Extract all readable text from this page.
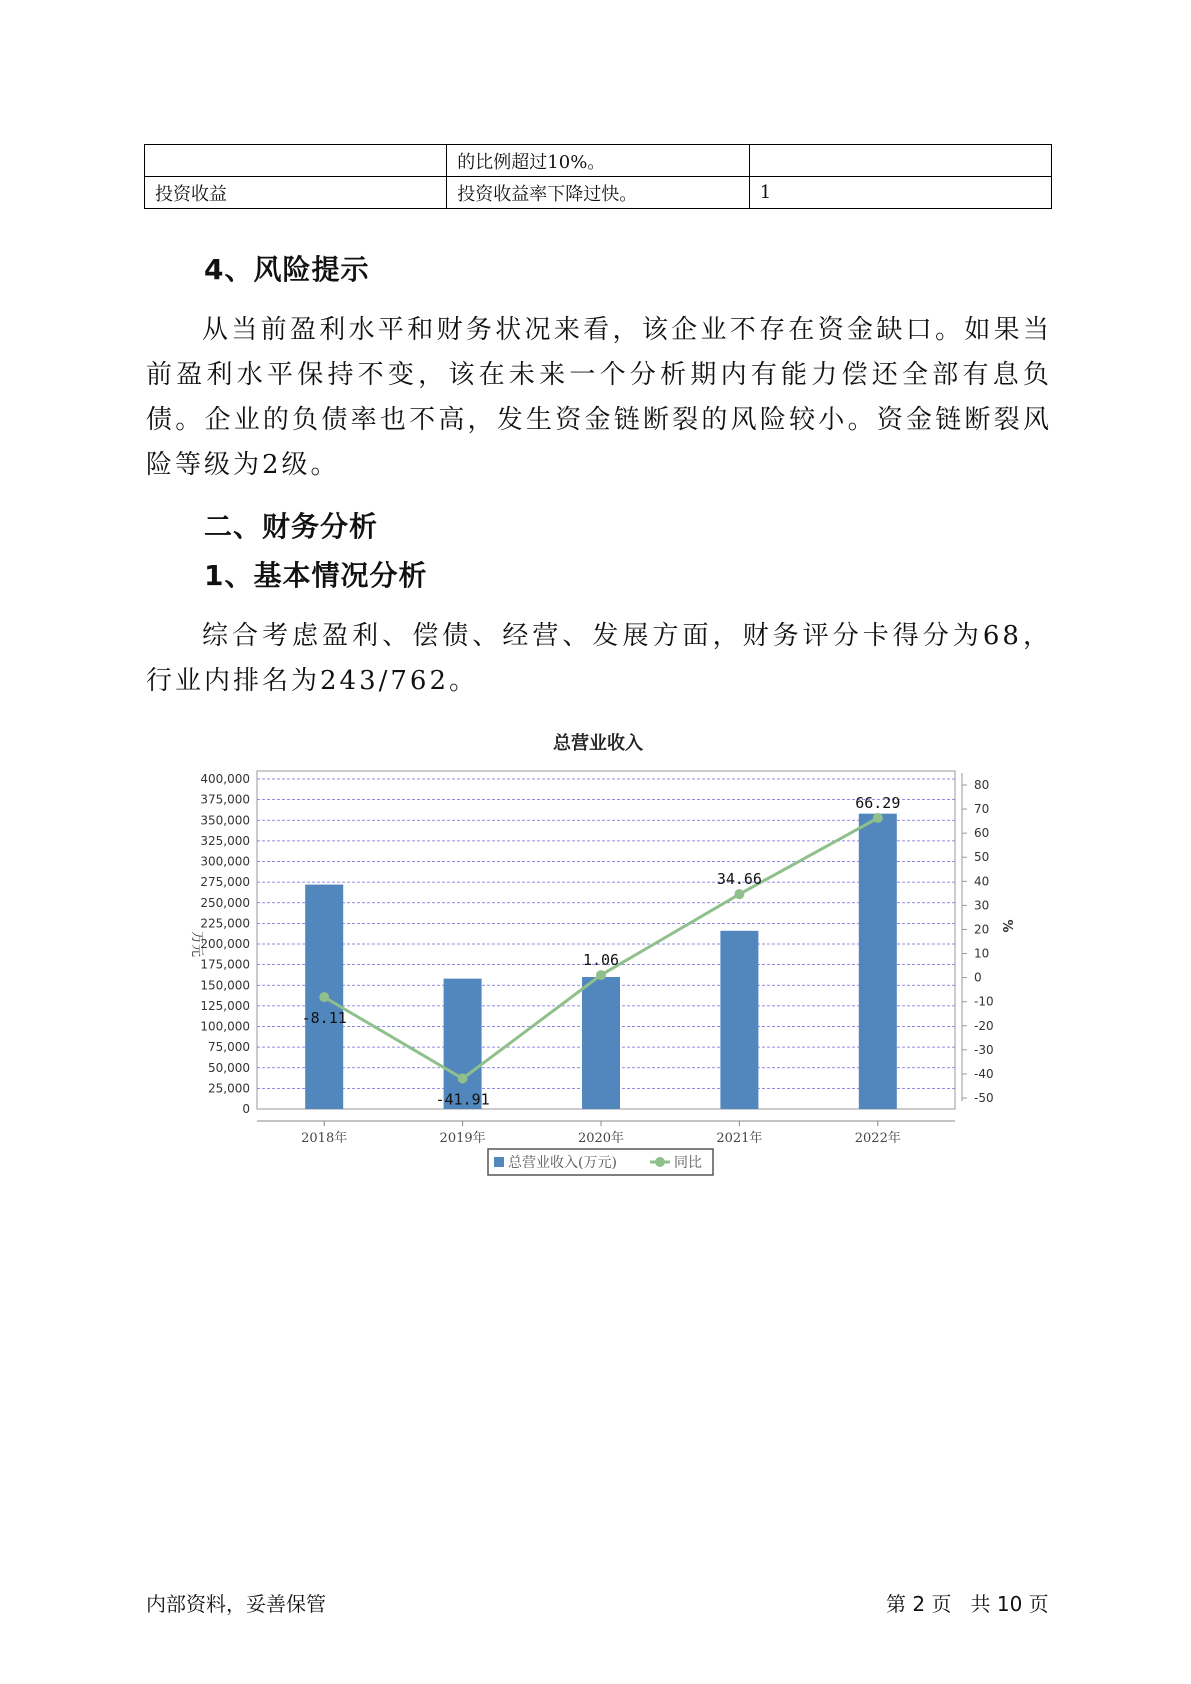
	的比例超过10%。	
投资收益	投资收益率下降过快。	1
4、风险提示
从当前盈利水平和财务状况来看，该企业不存在资金缺口。如果当前盈利水平保持不变，该在未来一个分析期内有能力偿还全部有息负债。企业的负债率也不高，发生资金链断裂的风险较小。资金链断裂风险等级为2级。
二、财务分析
1、基本情况分析
综合考虑盈利、偿债、经营、发展方面，财务评分卡得分为68，行业内排名为243/762。
总营业收入
0
25,000
50,000
75,000
100,000
125,000
150,000
175,000
200,000
225,000
250,000
275,000
300,000
325,000
350,000
375,000
400,000
-50
-40
-30
-20
-10
0
10
20
30
40
50
60
70
80
万元
%
2018年	2019年	2020年	2021年	2022年
-8.11
-41.91
1.06
34.66
66.29
总营业收入(万元)	同比
内部资料，妥善保管	第 2 页   共 10 页
